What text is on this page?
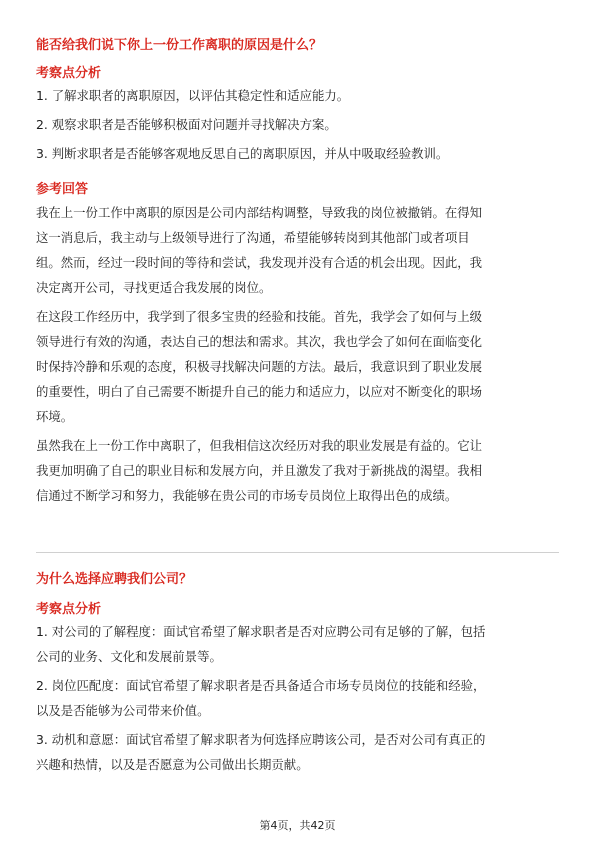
能否给我们说下你上一份工作离职的原因是什么？
考察点分析
1. 了解求职者的离职原因，以评估其稳定性和适应能力。
2. 观察求职者是否能够积极面对问题并寻找解决方案。
3. 判断求职者是否能够客观地反思自己的离职原因，并从中吸取经验教训。
参考回答
我在上一份工作中离职的原因是公司内部结构调整，导致我的岗位被撤销。在得知
这一消息后，我主动与上级领导进行了沟通，希望能够转岗到其他部门或者项目
组。然而，经过一段时间的等待和尝试，我发现并没有合适的机会出现。因此，我
决定离开公司，寻找更适合我发展的岗位。
在这段工作经历中，我学到了很多宝贵的经验和技能。首先，我学会了如何与上级
领导进行有效的沟通，表达自己的想法和需求。其次，我也学会了如何在面临变化
时保持冷静和乐观的态度，积极寻找解决问题的方法。最后，我意识到了职业发展
的重要性，明白了自己需要不断提升自己的能力和适应力，以应对不断变化的职场
环境。
虽然我在上一份工作中离职了，但我相信这次经历对我的职业发展是有益的。它让
我更加明确了自己的职业目标和发展方向，并且激发了我对于新挑战的渴望。我相
信通过不断学习和努力，我能够在贵公司的市场专员岗位上取得出色的成绩。
为什么选择应聘我们公司？
考察点分析
1. 对公司的了解程度：面试官希望了解求职者是否对应聘公司有足够的了解，包括
公司的业务、文化和发展前景等。
2. 岗位匹配度：面试官希望了解求职者是否具备适合市场专员岗位的技能和经验，
以及是否能够为公司带来价值。
3. 动机和意愿：面试官希望了解求职者为何选择应聘该公司，是否对公司有真正的
兴趣和热情，以及是否愿意为公司做出长期贡献。
第4页，共42页
